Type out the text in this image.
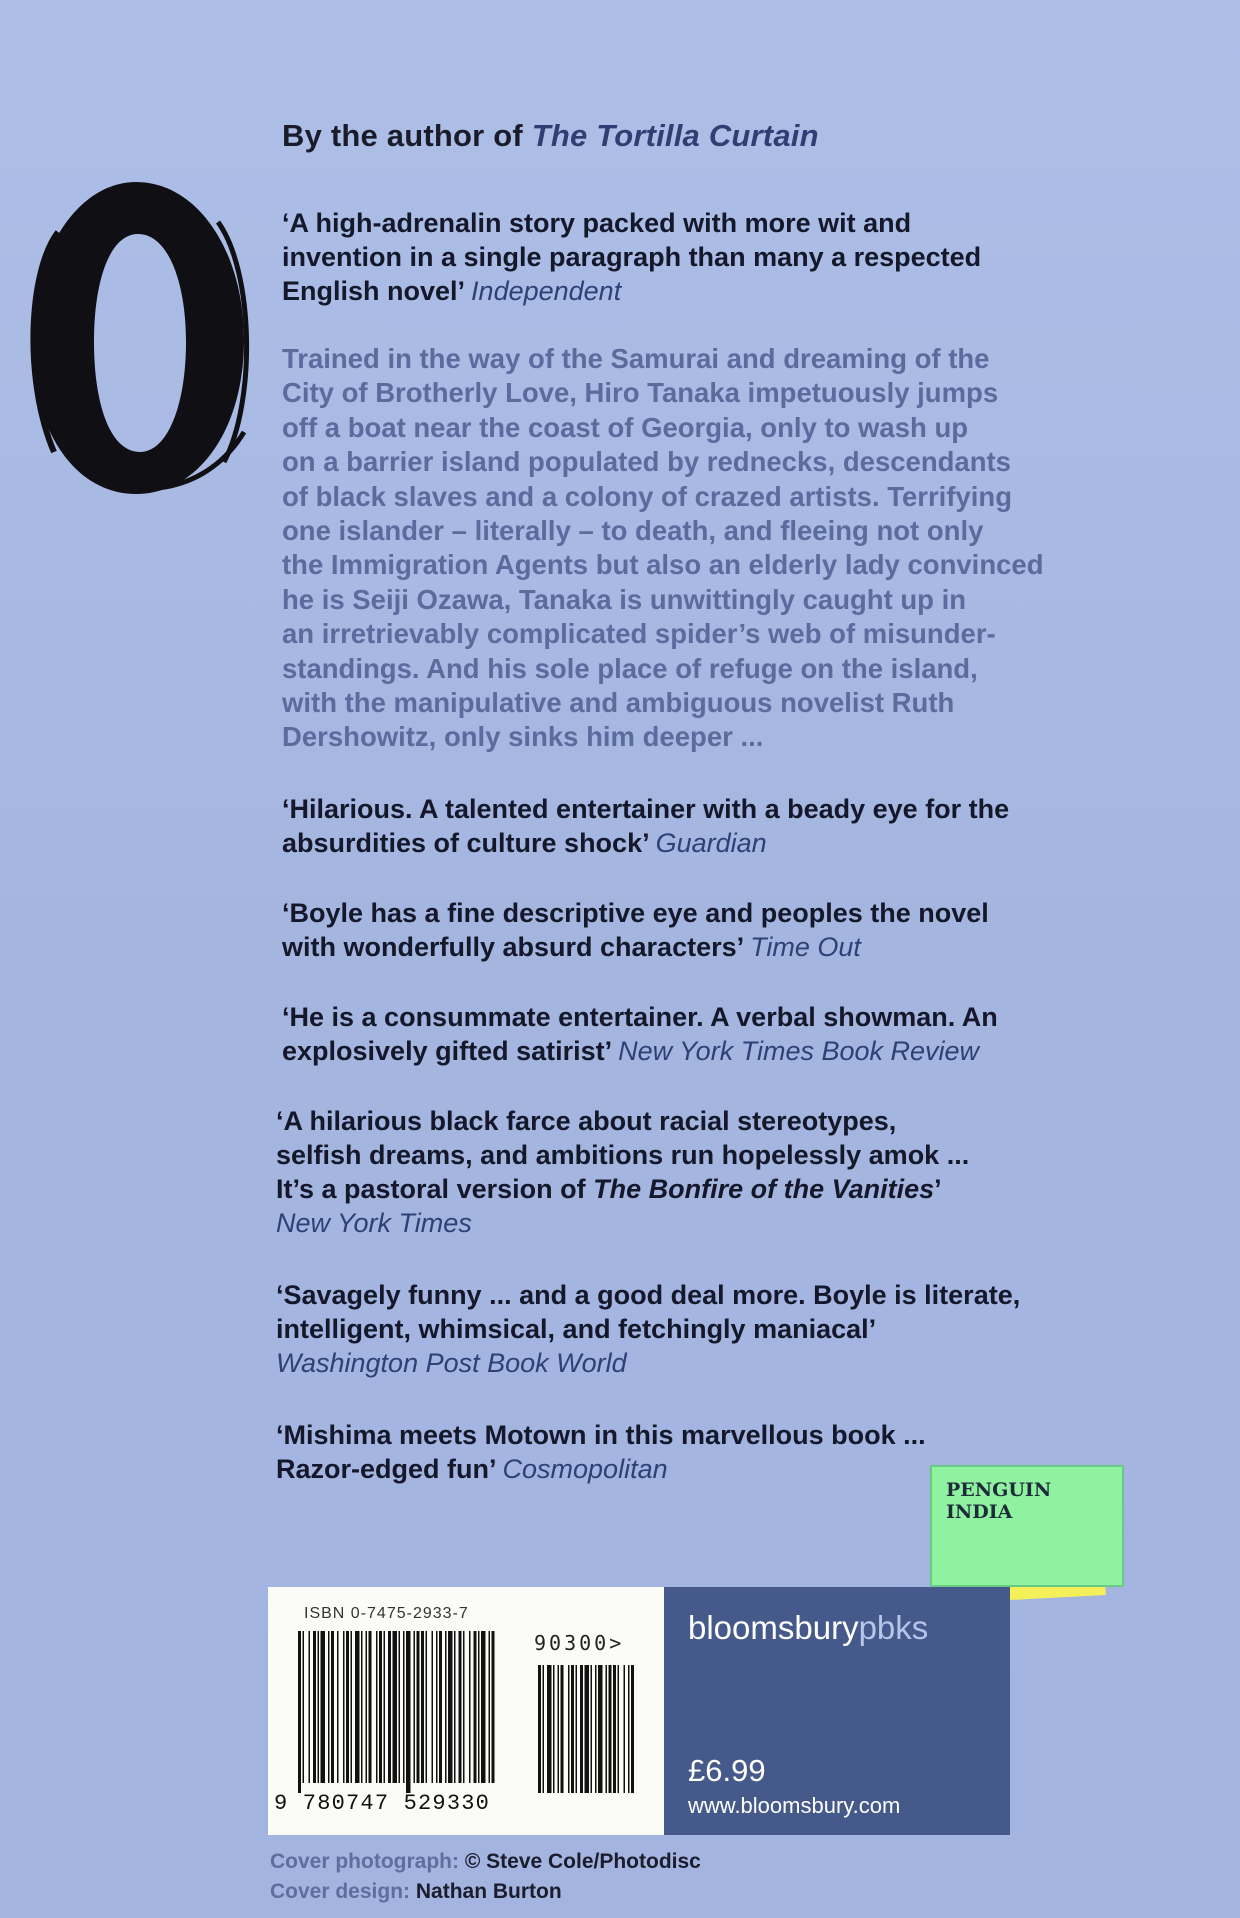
By the author of The Tortilla Curtain
‘A high-adrenalin story packed with more wit and
invention in a single paragraph than many a respected
English novel’ Independent
Trained in the way of the Samurai and dreaming of the
City of Brotherly Love, Hiro Tanaka impetuously jumps
off a boat near the coast of Georgia, only to wash up
on a barrier island populated by rednecks, descendants
of black slaves and a colony of crazed artists. Terrifying
one islander – literally – to death, and fleeing not only
the Immigration Agents but also an elderly lady convinced
he is Seiji Ozawa, Tanaka is unwittingly caught up in
an irretrievably complicated spider’s web of misunder-
standings. And his sole place of refuge on the island,
with the manipulative and ambiguous novelist Ruth
Dershowitz, only sinks him deeper ...
‘Hilarious. A talented entertainer with a beady eye for the
absurdities of culture shock’ Guardian
‘Boyle has a fine descriptive eye and peoples the novel
with wonderfully absurd characters’ Time Out
‘He is a consummate entertainer. A verbal showman. An
explosively gifted satirist’ New York Times Book Review
‘A hilarious black farce about racial stereotypes,
selfish dreams, and ambitions run hopelessly amok ...
It’s a pastoral version of The Bonfire of the Vanities’
New York Times
‘Savagely funny ... and a good deal more. Boyle is literate,
intelligent, whimsical, and fetchingly maniacal’
Washington Post Book World
‘Mishima meets Motown in this marvellous book ...
Razor-edged fun’ Cosmopolitan
PENGUIN INDIA
ISBN 0-7475-2933-7
90300>
9 780747 529330
bloomsburypbks
£6.99
www.bloomsbury.com
Cover photograph: © Steve Cole/Photodisc
Cover design: Nathan Burton
